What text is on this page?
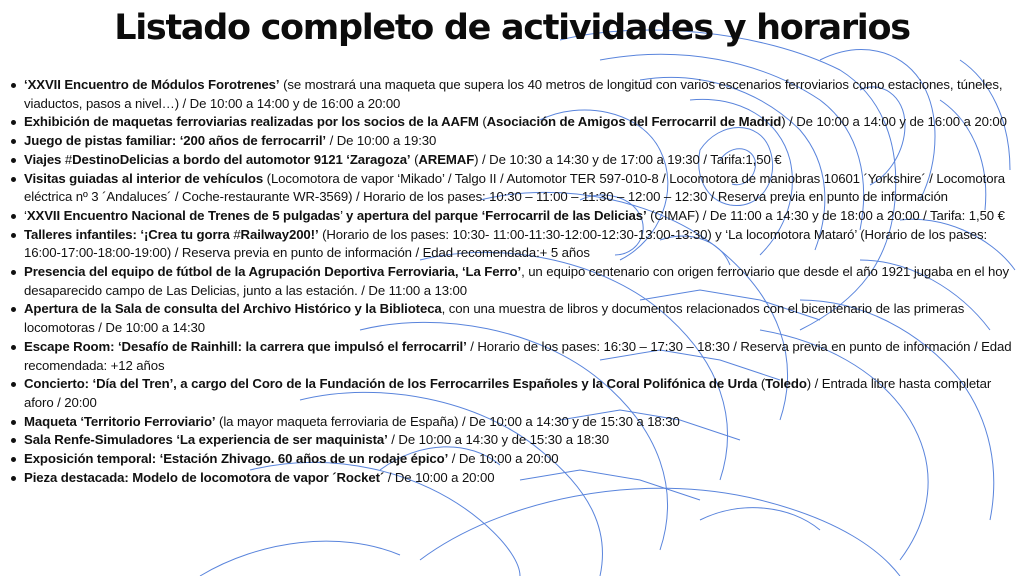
Listado completo de actividades y horarios
‘XXVII Encuentro de Módulos Forotrenes’ (se mostrará una maqueta que supera los 40 metros de longitud con varios escenarios ferroviarios como estaciones, túneles, viaductos, pasos a nivel…) / De 10:00 a 14:00 y de 16:00 a 20:00
Exhibición de maquetas ferroviarias realizadas por los socios de la AAFM (Asociación de Amigos del Ferrocarril de Madrid) / De 10:00 a 14:00 y de 16:00 a 20:00
Juego de pistas familiar: ‘200 años de ferrocarril’ / De 10:00 a 19:30
Viajes #DestinoDelicias a bordo del automotor 9121 ‘Zaragoza’ (AREMAF) / De 10:30 a 14:30 y de 17:00 a 19:30 / Tarifa:1,50 €
Visitas guiadas al interior de vehículos (Locomotora de vapor ‘Mikado’ / Talgo II / Automotor TER 597-010-8 / Locomotora de maniobras 10601 ´Yorkshire´ / Locomotora eléctrica nº 3 ´Andaluces´ / Coche-restaurante WR-3569) / Horario de los pases: 10:30 – 11:00 – 11:30 – 12:00 – 12:30 / Reserva previa en punto de información
‘XXVII Encuentro Nacional de Trenes de 5 pulgadas’ y apertura del parque ‘Ferrocarril de las Delicias’ (CIMAF) / De 11:00 a 14:30 y de 18:00 a 20:00 / Tarifa: 1,50 €
Talleres infantiles: ‘¡Crea tu gorra #Railway200!’ (Horario de los pases: 10:30- 11:00-11:30-12:00-12:30-13:00-13:30) y ‘La locomotora Mataró’ (Horario de los pases: 16:00-17:00-18:00-19:00) / Reserva previa en punto de información / Edad recomendada:+ 5 años
Presencia del equipo de fútbol de la Agrupación Deportiva Ferroviaria, ‘La Ferro’, un equipo centenario con origen ferroviario que desde el año 1921 jugaba en el hoy desaparecido campo de Las Delicias, junto a las estación. / De 11:00 a 13:00
Apertura de la Sala de consulta del Archivo Histórico y la Biblioteca, con una muestra de libros y documentos relacionados con el bicentenario de las primeras locomotoras / De 10:00 a 14:30
Escape Room: ‘Desafío de Rainhill: la carrera que impulsó el ferrocarril’ / Horario de los pases: 16:30 – 17:30 – 18:30 / Reserva previa en punto de información / Edad recomendada: +12 años
Concierto: ‘Día del Tren’, a cargo del Coro de la Fundación de los Ferrocarriles Españoles y la Coral Polifónica de Urda (Toledo) / Entrada libre hasta completar aforo / 20:00
Maqueta ‘Territorio Ferroviario’ (la mayor maqueta ferroviaria de España) / De 10:00 a 14:30 y de 15:30 a 18:30
Sala Renfe-Simuladores ‘La experiencia de ser maquinista’ / De 10:00 a 14:30 y de 15:30 a 18:30
Exposición temporal: ‘Estación Zhivago. 60 años de un rodaje épico’ / De 10:00 a 20:00
Pieza destacada: Modelo de locomotora de vapor ´Rocket´ / De 10:00 a 20:00
